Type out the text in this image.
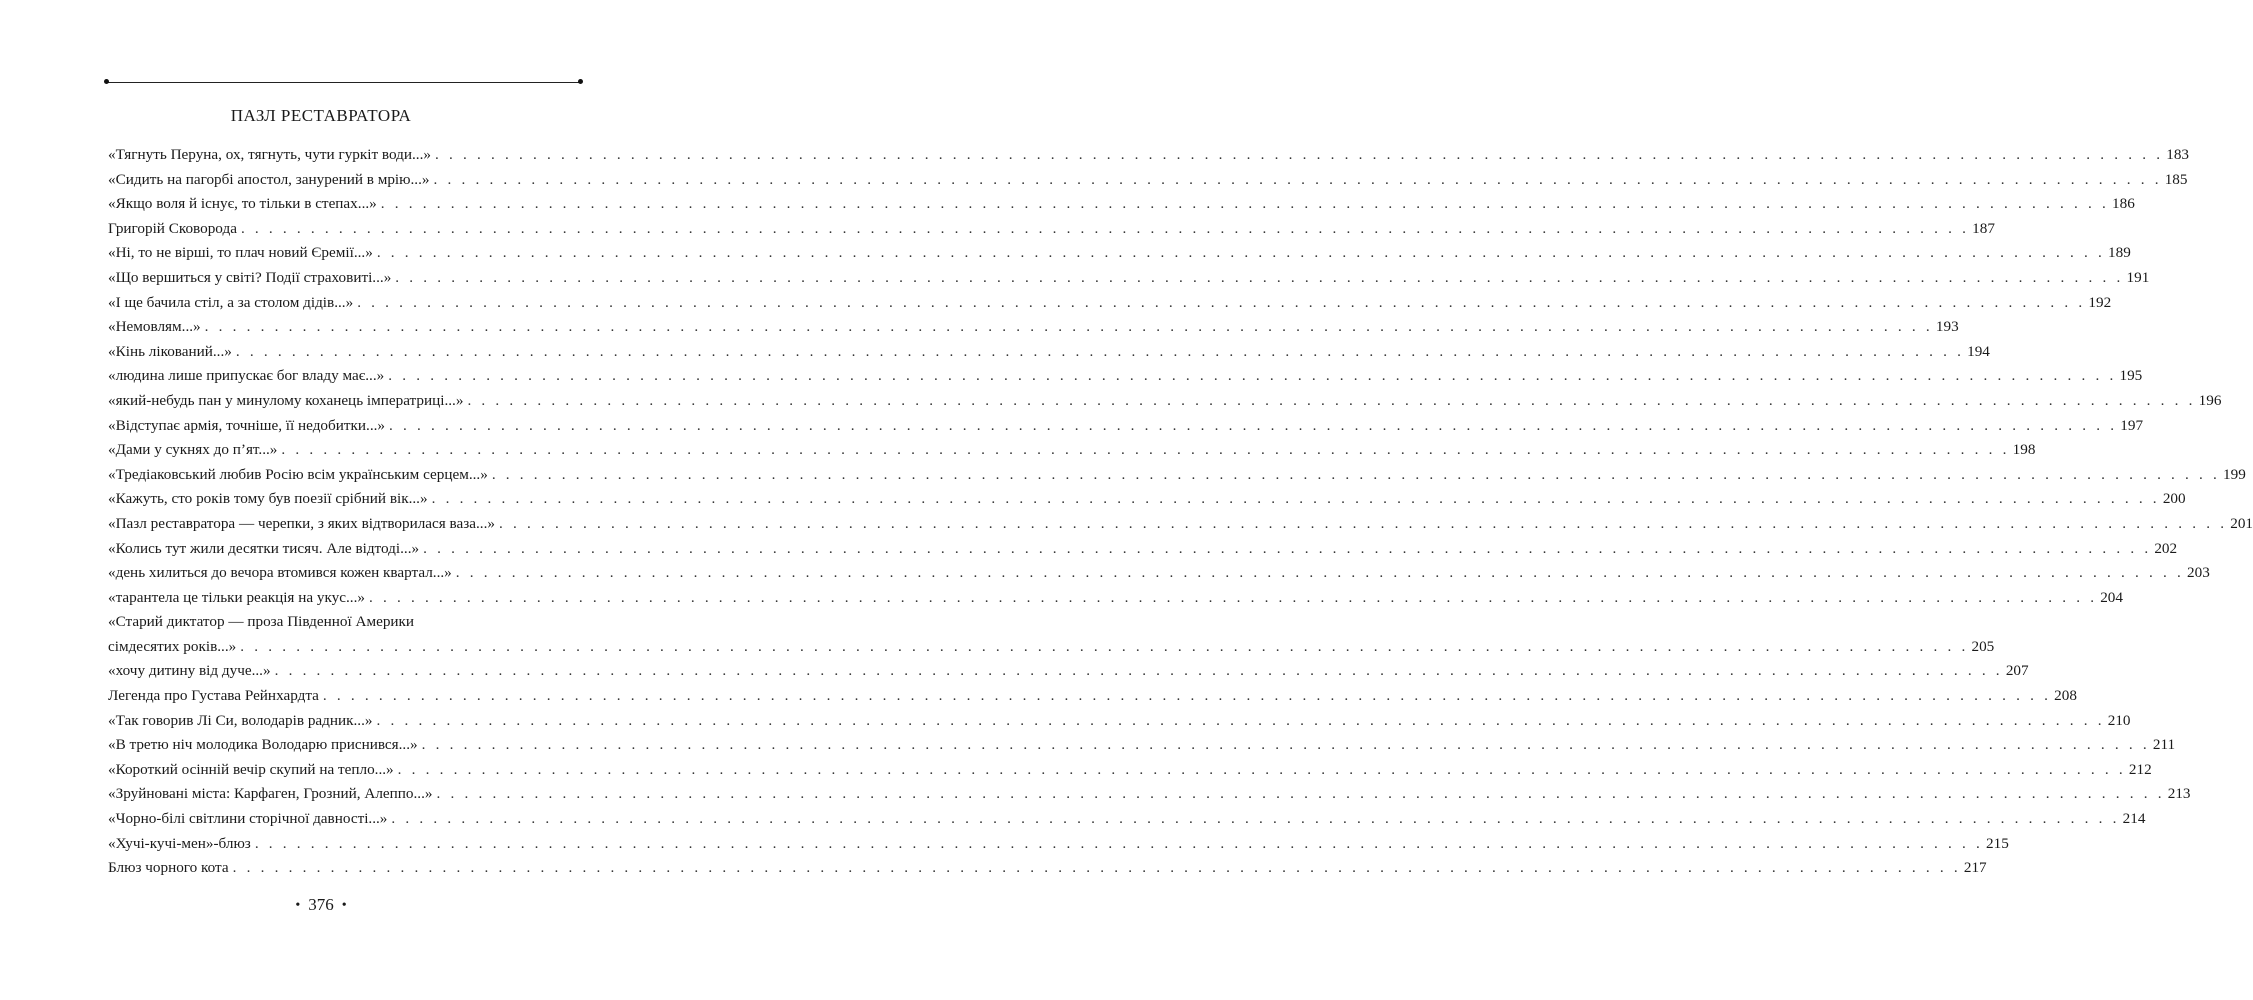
ПАЗЛ РЕСТАВРАТОРА
«Тягнуть Перуна, ох, тягнуть, чути гуркіт води...» . . .	183
«Сидить на пагорбі апостол, занурений в мрію...» . . .	185
«Якщо воля й існує, то тільки в степах...» . . .	186
Григорій Сковорода . . .	187
«Ні, то не вірші, то плач новий Єремії...» . . .	189
«Що вершиться у світі? Події страховиті...» . . .	191
«І ще бачила стіл, а за столом дідів...» . . .	192
«Немовлям...» . . .	193
«Кінь лікований...» . . .	194
«людина лише припускає бог владу має...» . . .	195
«який-небудь пан у минулому коханець імператриці...» . . .	196
«Відступає армія, точніше, її недобитки...» . . .	197
«Дами у сукнях до п’ят...» . . .	198
«Тредіаковський любив Росію всім українським серцем...» . . .	199
«Кажуть, сто років тому був поезії срібний вік...» . . .	200
«Пазл реставратора — черепки, з яких відтворилася ваза...» . . .	201
«Колись тут жили десятки тисяч. Але відтоді...» . . .	202
«день хилиться до вечора втомився кожен квартал...» . . .	203
«тарантела це тільки реакція на укус...» . . .	204
«Старий диктатор — проза Південної Америки
сімдесятих років...» . . .	205
«хочу дитину від дуче...» . . .	207
Легенда про Густава Рейнхардта . . .	208
«Так говорив Лі Си, володарів радник...» . . .	210
«В третю ніч молодика Володарю приснився...» . . .	211
«Короткий осінній вечір скупий на тепло...» . . .	212
«Зруйновані міста: Карфаген, Грозний, Алеппо...» . . .	213
«Чорно-білі світлини сторічної давності...» . . .	214
«Хучі-кучі-мен»-блюз . . .	215
Блюз чорного кота . . .	217
• 376 •
